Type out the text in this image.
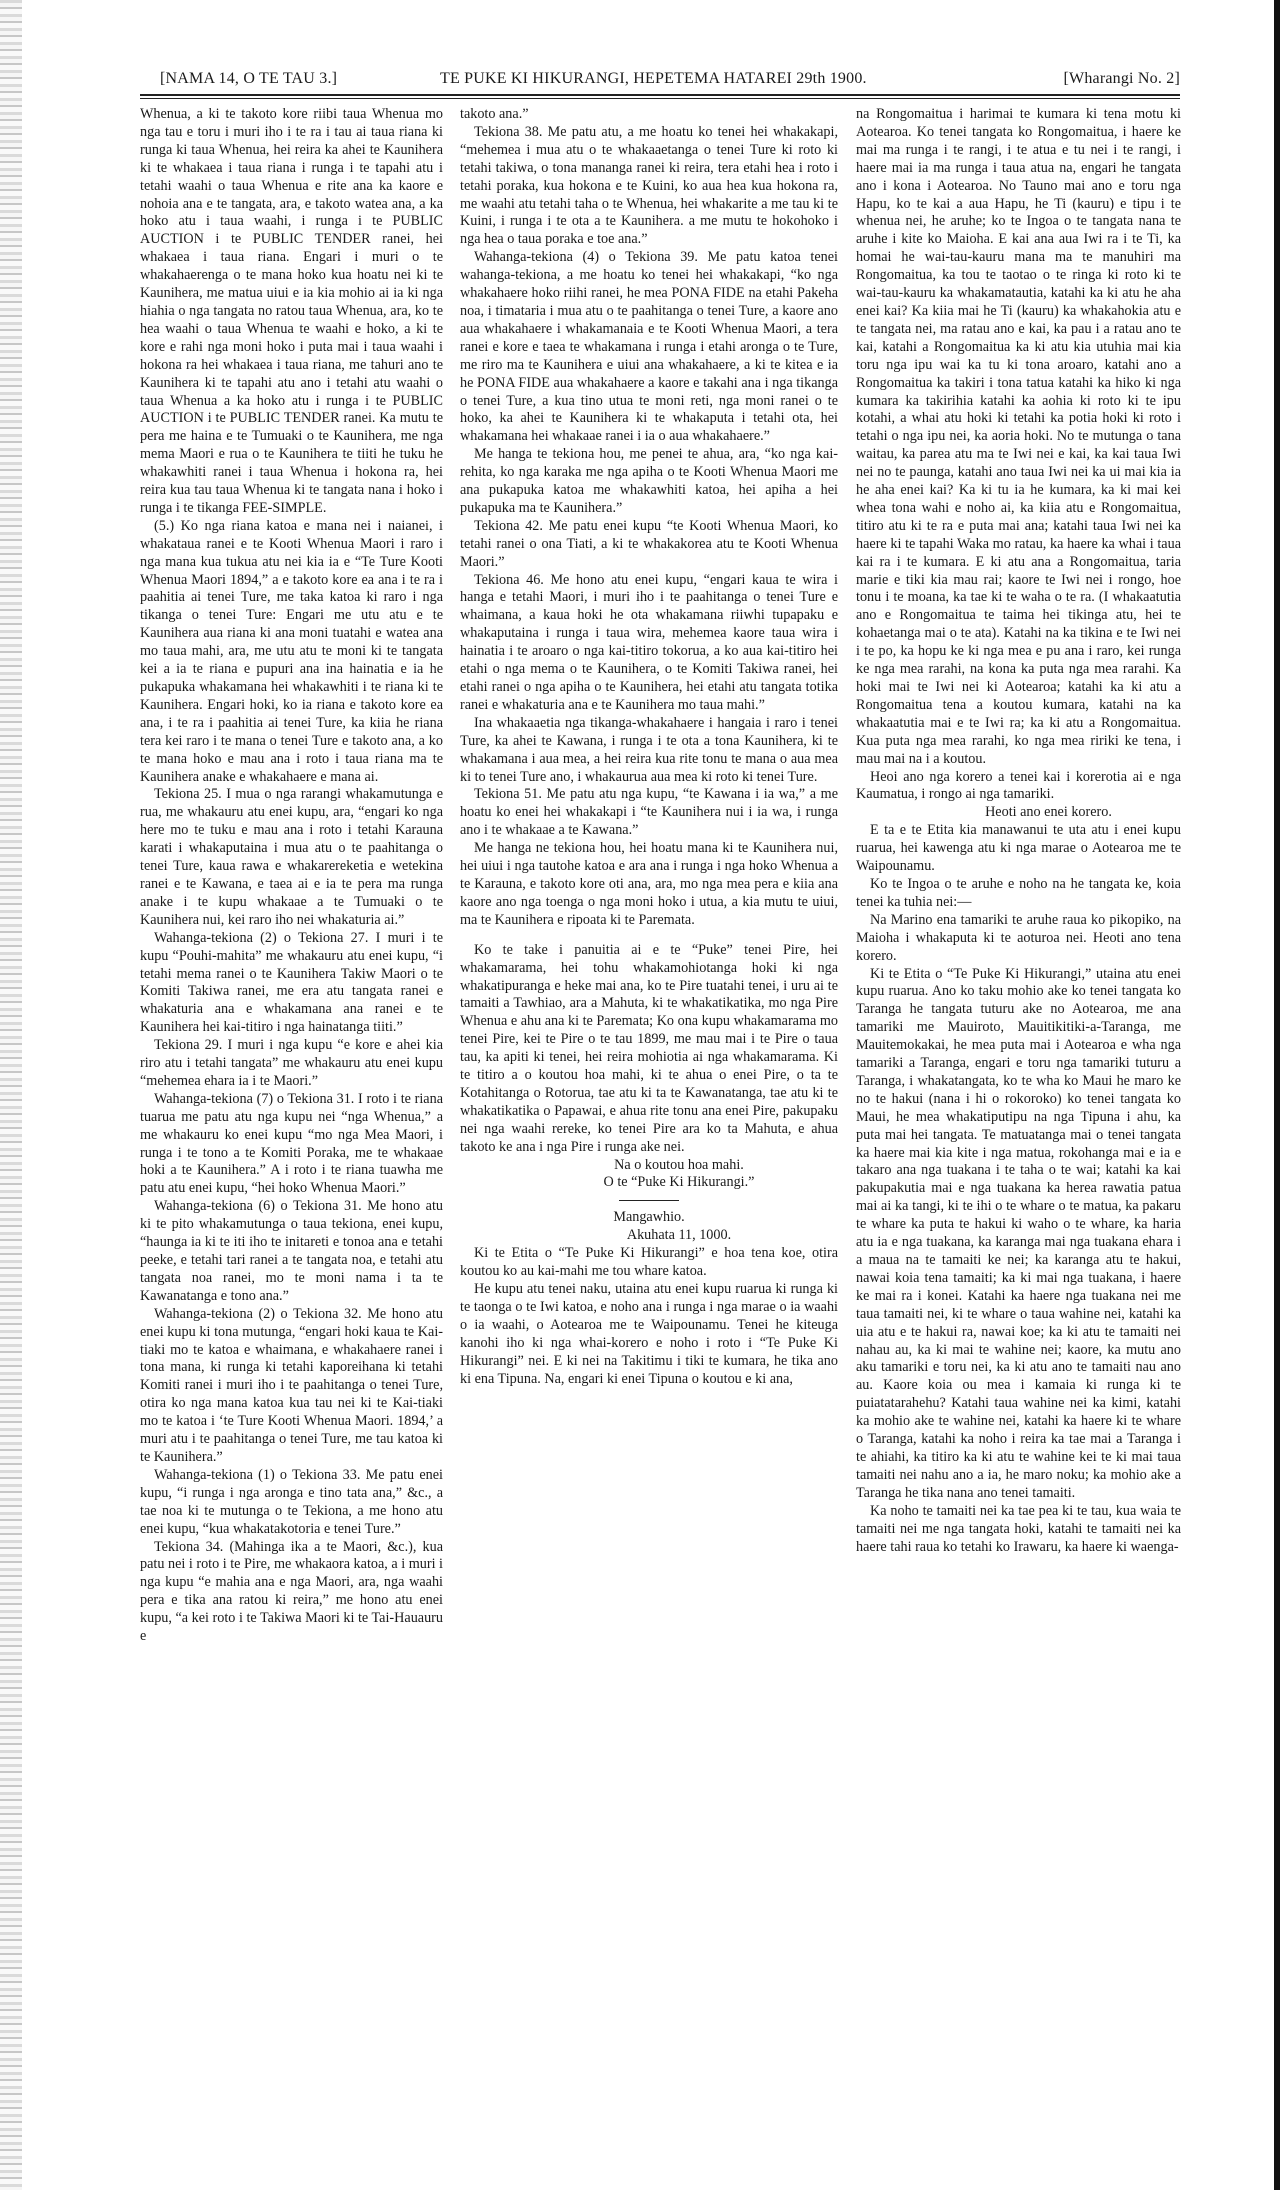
[NAMA 14, O TE TAU 3.]	TE PUKE KI HIKURANGI, HEPETEMA HATAREI 29th 1900.	[Wharangi No. 2]

Whenua, a ki te takoto kore riibi taua Whenua mo nga tau e toru i muri iho i te ra i tau ai taua riana ki runga ki taua Whenua, hei reira ka ahei te Kaunihera ki te whakaea i taua riana i runga i te tapahi atu i tetahi waahi o taua Whenua e rite ana ka kaore e nohoia ana e te tangata, ara, e takoto watea ana, a ka hoko atu i taua waahi, i runga i te PUBLIC AUCTION i te PUBLIC TENDER ranei, hei whakaea i taua riana. Engari i muri o te whakahaerenga o te mana hoko kua hoatu nei ki te Kaunihera, me matua uiui e ia kia mohio ai ia ki nga hiahia o nga tangata no ratou taua Whenua, ara, ko te hea waahi o taua Whenua te waahi e hoko, a ki te kore e rahi nga moni hoko i puta mai i taua waahi i hokona ra hei whakaea i taua riana, me tahuri ano te Kaunihera ki te tapahi atu ano i tetahi atu waahi o taua Whenua a ka hoko atu i runga i te PUBLIC AUCTION i te PUBLIC TENDER ranei. Ka mutu te pera me haina e te Tumuaki o te Kaunihera, me nga mema Maori e rua o te Kaunihera te tiiti he tuku he whakawhiti ranei i taua Whenua i hokona ra, hei reira kua tau taua Whenua ki te tangata nana i hoko i runga i te tikanga FEE-SIMPLE.

(5.) Ko nga riana katoa e mana nei i naianei, i whakataua ranei e te Kooti Whenua Maori i raro i nga mana kua tukua atu nei kia ia e “Te Ture Kooti Whenua Maori 1894,” a e takoto kore ea ana i te ra i paahitia ai tenei Ture, me taka katoa ki raro i nga tikanga o tenei Ture: Engari me utu atu e te Kaunihera aua riana ki ana moni tuatahi e watea ana mo taua mahi, ara, me utu atu te moni ki te tangata kei a ia te riana e pupuri ana ina hainatia e ia he pukapuka whakamana hei whakawhiti i te riana ki te Kaunihera. Engari hoki, ko ia riana e takoto kore ea ana, i te ra i paahitia ai tenei Ture, ka kiia he riana tera kei raro i te mana o tenei Ture e takoto ana, a ko te mana hoko e mau ana i roto i taua riana ma te Kaunihera anake e whakahaere e mana ai.

Tekiona 25. I mua o nga rarangi whakamutunga e rua, me whakauru atu enei kupu, ara, “engari ko nga here mo te tuku e mau ana i roto i tetahi Karauna karati i whakaputaina i mua atu o te paahitanga o tenei Ture, kaua rawa e whakarereketia e wetekina ranei e te Kawana, e taea ai e ia te pera ma runga anake i te kupu whakaae a te Tumuaki o te Kaunihera nui, kei raro iho nei whakaturia ai.”

Wahanga-tekiona (2) o Tekiona 27. I muri i te kupu “Pouhi-mahita” me whakauru atu enei kupu, “i tetahi mema ranei o te Kaunihera Takiw Maori o te Komiti Takiwa ranei, me era atu tangata ranei e whakaturia ana e whakamana ana ranei e te Kaunihera hei kai-titiro i nga hainatanga tiiti.”

Tekiona 29. I muri i nga kupu “e kore e ahei kia riro atu i tetahi tangata” me whakauru atu enei kupu “mehemea ehara ia i te Maori.”

Wahanga-tekiona (7) o Tekiona 31. I roto i te riana tuarua me patu atu nga kupu nei “nga Whenua,” a me whakauru ko enei kupu “mo nga Mea Maori, i runga i te tono a te Komiti Poraka, me te whakaae hoki a te Kaunihera.” A i roto i te riana tuawha me patu atu enei kupu, “hei hoko Whenua Maori.”

Wahanga-tekiona (6) o Tekiona 31. Me hono atu ki te pito whakamutunga o taua tekiona, enei kupu, “haunga ia ki te iti iho te initareti e tonoa ana e tetahi peeke, e tetahi tari ranei a te tangata noa, e tetahi atu tangata noa ranei, mo te moni nama i ta te Kawanatanga e tono ana.”

Wahanga-tekiona (2) o Tekiona 32. Me hono atu enei kupu ki tona mutunga, “engari hoki kaua te Kai-tiaki mo te katoa e whaimana, e whakahaere ranei i tona mana, ki runga ki tetahi kaporeihana ki tetahi Komiti ranei i muri iho i te paahitanga o tenei Ture, otira ko nga mana katoa kua tau nei ki te Kai-tiaki mo te katoa i ‘te Ture Kooti Whenua Maori. 1894,’ a muri atu i te paahitanga o tenei Ture, me tau katoa ki te Kaunihera.”

Wahanga-tekiona (1) o Tekiona 33. Me patu enei kupu, “i runga i nga aronga e tino tata ana,” &c., a tae noa ki te mutunga o te Tekiona, a me hono atu enei kupu, “kua whakatakotoria e tenei Ture.”

Tekiona 34. (Mahinga ika a te Maori, &c.), kua patu nei i roto i te Pire, me whakaora katoa, a i muri i nga kupu “e mahia ana e nga Maori, ara, nga waahi pera e tika ana ratou ki reira,” me hono atu enei kupu, “a kei roto i te Takiwa Maori ki te Tai-Hauauru e

takoto ana.”

Tekiona 38. Me patu atu, a me hoatu ko tenei hei whakakapi, “mehemea i mua atu o te whakaaetanga o tenei Ture ki roto ki tetahi takiwa, o tona mananga ranei ki reira, tera etahi hea i roto i tetahi poraka, kua hokona e te Kuini, ko aua hea kua hokona ra, me waahi atu tetahi taha o te Whenua, hei whakarite a me tau ki te Kuini, i runga i te ota a te Kaunihera. a me mutu te hokohoko i nga hea o taua poraka e toe ana.”

Wahanga-tekiona (4) o Tekiona 39. Me patu katoa tenei wahanga-tekiona, a me hoatu ko tenei hei whakakapi, “ko nga whakahaere hoko riihi ranei, he mea PONA FIDE na etahi Pakeha noa, i timataria i mua atu o te paahitanga o tenei Ture, a kaore ano aua whakahaere i whakamanaia e te Kooti Whenua Maori, a tera ranei e kore e taea te whakamana i runga i etahi aronga o te Ture, me riro ma te Kaunihera e uiui ana whakahaere, a ki te kitea e ia he PONA FIDE aua whakahaere a kaore e takahi ana i nga tikanga o tenei Ture, a kua tino utua te moni reti, nga moni ranei o te hoko, ka ahei te Kaunihera ki te whakaputa i tetahi ota, hei whakamana hei whakaae ranei i ia o aua whakahaere.”

Me hanga te tekiona hou, me penei te ahua, ara, “ko nga kai-rehita, ko nga karaka me nga apiha o te Kooti Whenua Maori me ana pukapuka katoa me whakawhiti katoa, hei apiha a hei pukapuka ma te Kaunihera.”

Tekiona 42. Me patu enei kupu “te Kooti Whenua Maori, ko tetahi ranei o ona Tiati, a ki te whakakorea atu te Kooti Whenua Maori.”

Tekiona 46. Me hono atu enei kupu, “engari kaua te wira i hanga e tetahi Maori, i muri iho i te paahitanga o tenei Ture e whaimana, a kaua hoki he ota whakamana riiwhi tupapaku e whakaputaina i runga i taua wira, mehemea kaore taua wira i hainatia i te aroaro o nga kai-titiro tokorua, a ko aua kai-titiro hei etahi o nga mema o te Kaunihera, o te Komiti Takiwa ranei, hei etahi ranei o nga apiha o te Kaunihera, hei etahi atu tangata totika ranei e whakaturia ana e te Kaunihera mo taua mahi.”

Ina whakaaetia nga tikanga-whakahaere i hangaia i raro i tenei Ture, ka ahei te Kawana, i runga i te ota a tona Kaunihera, ki te whakamana i aua mea, a hei reira kua rite tonu te mana o aua mea ki to tenei Ture ano, i whakaurua aua mea ki roto ki tenei Ture.

Tekiona 51. Me patu atu nga kupu, “te Kawana i ia wa,” a me hoatu ko enei hei whakakapi i “te Kaunihera nui i ia wa, i runga ano i te whakaae a te Kawana.”

Me hanga ne tekiona hou, hei hoatu mana ki te Kaunihera nui, hei uiui i nga tautohe katoa e ara ana i runga i nga hoko Whenua a te Karauna, e takoto kore oti ana, ara, mo nga mea pera e kiia ana kaore ano nga toenga o nga moni hoko i utua, a kia mutu te uiui, ma te Kaunihera e ripoata ki te Paremata.

Ko te take i panuitia ai e te “Puke” tenei Pire, hei whakamarama, hei tohu whakamohiotanga hoki ki nga whakatipuranga e heke mai ana, ko te Pire tuatahi tenei, i uru ai te tamaiti a Tawhiao, ara a Mahuta, ki te whakatikatika, mo nga Pire Whenua e ahu ana ki te Paremata; Ko ona kupu whakamarama mo tenei Pire, kei te Pire o te tau 1899, me mau mai i te Pire o taua tau, ka apiti ki tenei, hei reira mohiotia ai nga whakamarama. Ki te titiro a o koutou hoa mahi, ki te ahua o enei Pire, o ta te Kotahitanga o Rotorua, tae atu ki ta te Kawanatanga, tae atu ki te whakatikatika o Papawai, e ahua rite tonu ana enei Pire, pakupaku nei nga waahi rereke, ko tenei Pire ara ko ta Mahuta, e ahua takoto ke ana i nga Pire i runga ake nei.

Na o koutou hoa mahi.

O te “Puke Ki Hikurangi.”

Mangawhio.

Akuhata 11, 1000.

Ki te Etita o “Te Puke Ki Hikurangi” e hoa tena koe, otira koutou ko au kai-mahi me tou whare katoa.

He kupu atu tenei naku, utaina atu enei kupu ruarua ki runga ki te taonga o te Iwi katoa, e noho ana i runga i nga marae o ia waahi o ia waahi, o Aotearoa me te Waipounamu. Tenei he kiteuga kanohi iho ki nga whai-korero e noho i roto i “Te Puke Ki Hikurangi” nei. E ki nei na Takitimu i tiki te kumara, he tika ano ki ena Tipuna. Na, engari ki enei Tipuna o koutou e ki ana,

na Rongomaitua i harimai te kumara ki tena motu ki Aotearoa. Ko tenei tangata ko Rongomaitua, i haere ke mai ma runga i te rangi, i te atua e tu nei i te rangi, i haere mai ia ma runga i taua atua na, engari he tangata ano i kona i Aotearoa. No Tauno mai ano e toru nga Hapu, ko te kai a aua Hapu, he Ti (kauru) e tipu i te whenua nei, he aruhe; ko te Ingoa o te tangata nana te aruhe i kite ko Maioha. E kai ana aua Iwi ra i te Ti, ka homai he wai-tau-kauru mana ma te manuhiri ma Rongomaitua, ka tou te taotao o te ringa ki roto ki te wai-tau-kauru ka whakamatautia, katahi ka ki atu he aha enei kai? Ka kiia mai he Ti (kauru) ka whakahokia atu e te tangata nei, ma ratau ano e kai, ka pau i a ratau ano te kai, katahi a Rongomaitua ka ki atu kia utuhia mai kia toru nga ipu wai ka tu ki tona aroaro, katahi ano a Rongomaitua ka takiri i tona tatua katahi ka hiko ki nga kumara ka takirihia katahi ka aohia ki roto ki te ipu kotahi, a whai atu hoki ki tetahi ka potia hoki ki roto i tetahi o nga ipu nei, ka aoria hoki. No te mutunga o tana waitau, ka parea atu ma te Iwi nei e kai, ka kai taua Iwi nei no te paunga, katahi ano taua Iwi nei ka ui mai kia ia he aha enei kai? Ka ki tu ia he kumara, ka ki mai kei whea tona wahi e noho ai, ka kiia atu e Rongomaitua, titiro atu ki te ra e puta mai ana; katahi taua Iwi nei ka haere ki te tapahi Waka mo ratau, ka haere ka whai i taua kai ra i te kumara. E ki atu ana a Rongomaitua, taria marie e tiki kia mau rai; kaore te Iwi nei i rongo, hoe tonu i te moana, ka tae ki te waha o te ra. (I whakaatutia ano e Rongomaitua te taima hei tikinga atu, hei te kohaetanga mai o te ata). Katahi na ka tikina e te Iwi nei i te po, ka hopu ke ki nga mea e pu ana i raro, kei runga ke nga mea rarahi, na kona ka puta nga mea rarahi. Ka hoki mai te Iwi nei ki Aotearoa; katahi ka ki atu a Rongomaitua tena a koutou kumara, katahi na ka whakaatutia mai e te Iwi ra; ka ki atu a Rongomaitua. Kua puta nga mea rarahi, ko nga mea ririki ke tena, i mau mai na i a koutou.

Heoi ano nga korero a tenei kai i korerotia ai e nga Kaumatua, i rongo ai nga tamariki.

Heoti ano enei korero.

E ta e te Etita kia manawanui te uta atu i enei kupu ruarua, hei kawenga atu ki nga marae o Aotearoa me te Waipounamu.

Ko te Ingoa o te aruhe e noho na he tangata ke, koia tenei ka tuhia nei:—

Na Marino ena tamariki te aruhe raua ko pikopiko, na Maioha i whakaputa ki te aoturoa nei. Heoti ano tena korero.

Ki te Etita o “Te Puke Ki Hikurangi,” utaina atu enei kupu ruarua. Ano ko taku mohio ake ko tenei tangata ko Taranga he tangata tuturu ake no Aotearoa, me ana tamariki me Mauiroto, Mauitikitiki-a-Taranga, me Mauitemokakai, he mea puta mai i Aotearoa e wha nga tamariki a Taranga, engari e toru nga tamariki tuturu a Taranga, i whakatangata, ko te wha ko Maui he maro ke no te hakui (nana i hi o rokoroko) ko tenei tangata ko Maui, he mea whakatiputipu na nga Tipuna i ahu, ka puta mai hei tangata. Te matuatanga mai o tenei tangata ka haere mai kia kite i nga matua, rokohanga mai e ia e takaro ana nga tuakana i te taha o te wai; katahi ka kai pakupakutia mai e nga tuakana ka herea rawatia patua mai ai ka tangi, ki te ihi o te whare o te matua, ka pakaru te whare ka puta te hakui ki waho o te whare, ka haria atu ia e nga tuakana, ka karanga mai nga tuakana ehara i a maua na te tamaiti ke nei; ka karanga atu te hakui, nawai koia tena tamaiti; ka ki mai nga tuakana, i haere ke mai ra i konei. Katahi ka haere nga tuakana nei me taua tamaiti nei, ki te whare o taua wahine nei, katahi ka uia atu e te hakui ra, nawai koe; ka ki atu te tamaiti nei nahau au, ka ki mai te wahine nei; kaore, ka mutu ano aku tamariki e toru nei, ka ki atu ano te tamaiti nau ano au. Kaore koia ou mea i kamaia ki runga ki te puiatatarahehu? Katahi taua wahine nei ka kimi, katahi ka mohio ake te wahine nei, katahi ka haere ki te whare o Taranga, katahi ka noho i reira ka tae mai a Taranga i te ahiahi, ka titiro ka ki atu te wahine kei te ki mai taua tamaiti nei nahu ano a ia, he maro noku; ka mohio ake a Taranga he tika nana ano tenei tamaiti.

Ka noho te tamaiti nei ka tae pea ki te tau, kua waia te tamaiti nei me nga tangata hoki, katahi te tamaiti nei ka haere tahi raua ko tetahi ko Irawaru, ka haere ki waenga-
